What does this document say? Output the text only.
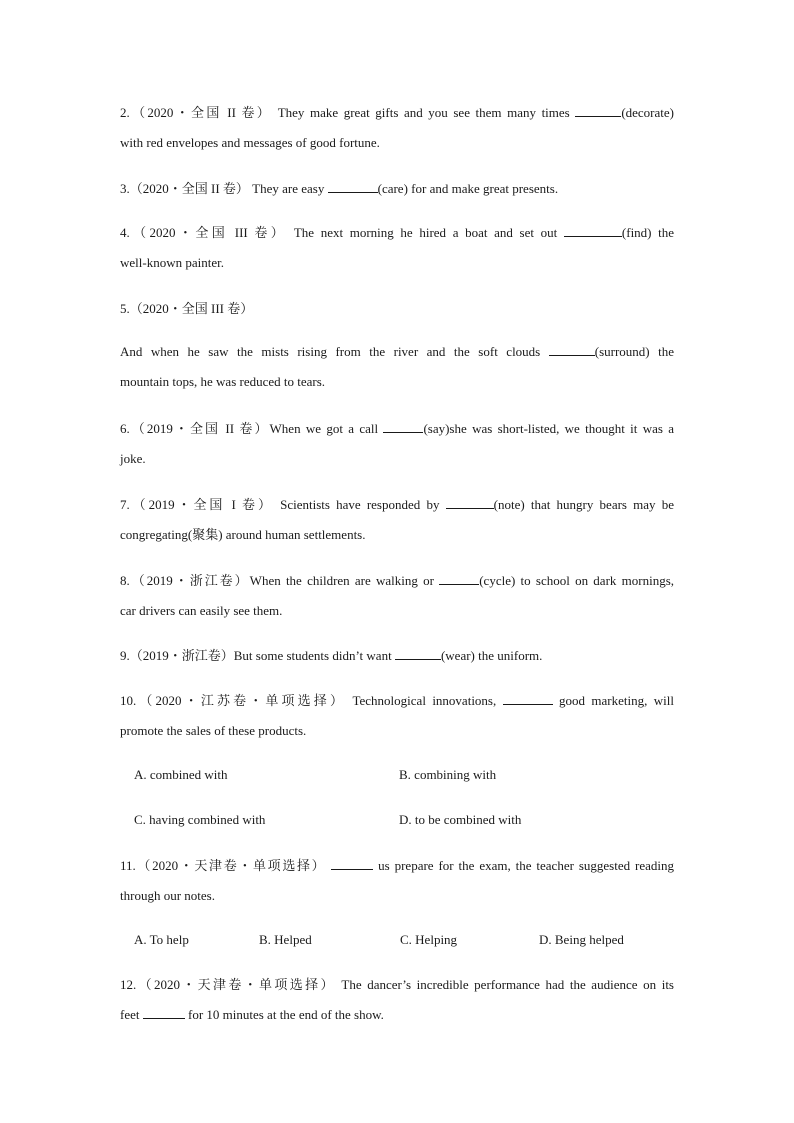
2.（2020・全国 II 卷） They make great gifts and you see them many times	(decorate)
with red envelopes and messages of good fortune.
3.（2020・全国 II 卷） They are easy	(care) for and make great presents.
4.（2020・全国 III 卷） The next morning he hired a boat and set out	(find) the
well-known painter.
5.（2020・全国 III 卷）
And when he saw the mists rising from the river and the soft clouds	(surround) the
mountain tops, he was reduced to tears.
6.（2019・全国 II 卷）When we got a call	(say)she was short-listed, we thought it was a
joke.
7.（2019・全国 I 卷） Scientists have responded by	(note) that hungry bears may be
congregating(聚集) around human settlements.
8.（2019・浙江卷）When the children are walking or	(cycle) to school on dark mornings,
car drivers can easily see them.
9.（2019・浙江卷）But some students didn’t want	(wear) the uniform.
10.（2020・江苏卷・单项选择） Technological innovations,	good marketing, will
promote the sales of these products.
A. combined with	B. combining with
C. having combined with	D. to be combined with
11.（2020・天津卷・单项选择）	us prepare for the exam, the teacher suggested reading
through our notes.
A. To help	B. Helped	C. Helping	D. Being helped
12.（2020・天津卷・单项选择） The dancer’s incredible performance had the audience on its
feet	for 10 minutes at the end of the show.
